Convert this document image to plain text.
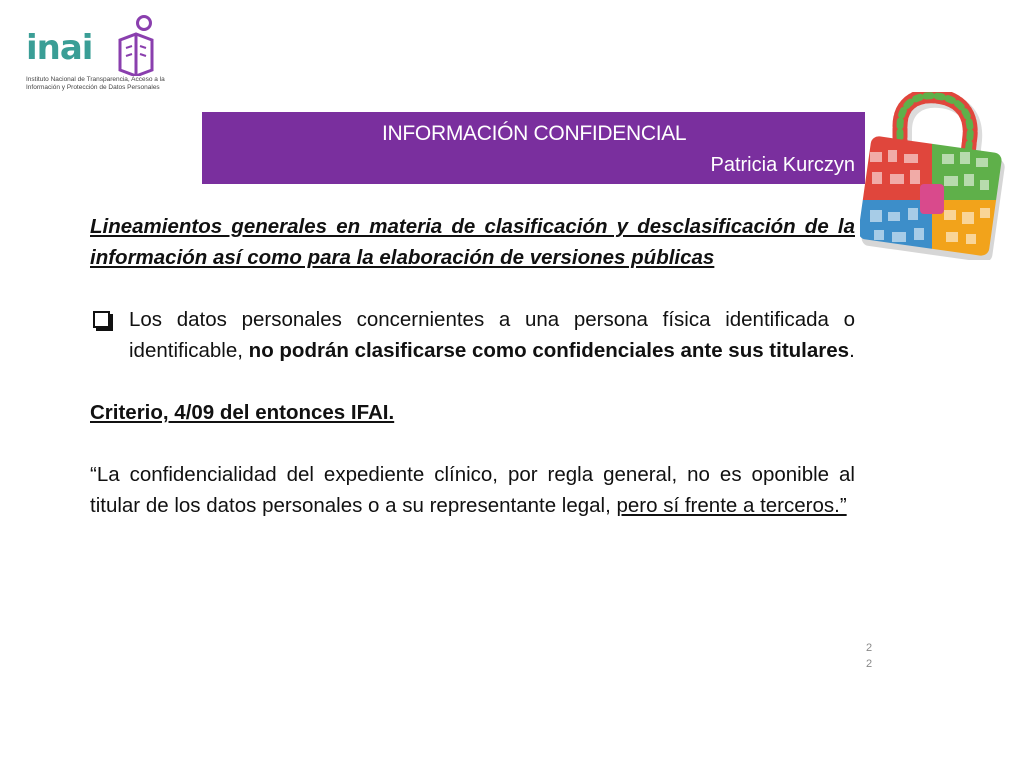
inai
Instituto Nacional de Transparencia, Acceso a la
Información y Protección de Datos Personales
INFORMACIÓN CONFIDENCIAL
Patricia Kurczyn

Lineamientos generales en materia de clasificación y desclasificación de la información así como para la elaboración de versiones públicas

Los datos personales concernientes a una persona física identificada o identificable, no podrán clasificarse como confidenciales ante sus titulares.

Criterio, 4/09 del entonces IFAI.

“La confidencialidad del expediente clínico, por regla general, no es oponible al titular de los datos personales o a su representante legal, pero sí frente a terceros.”

2
2
